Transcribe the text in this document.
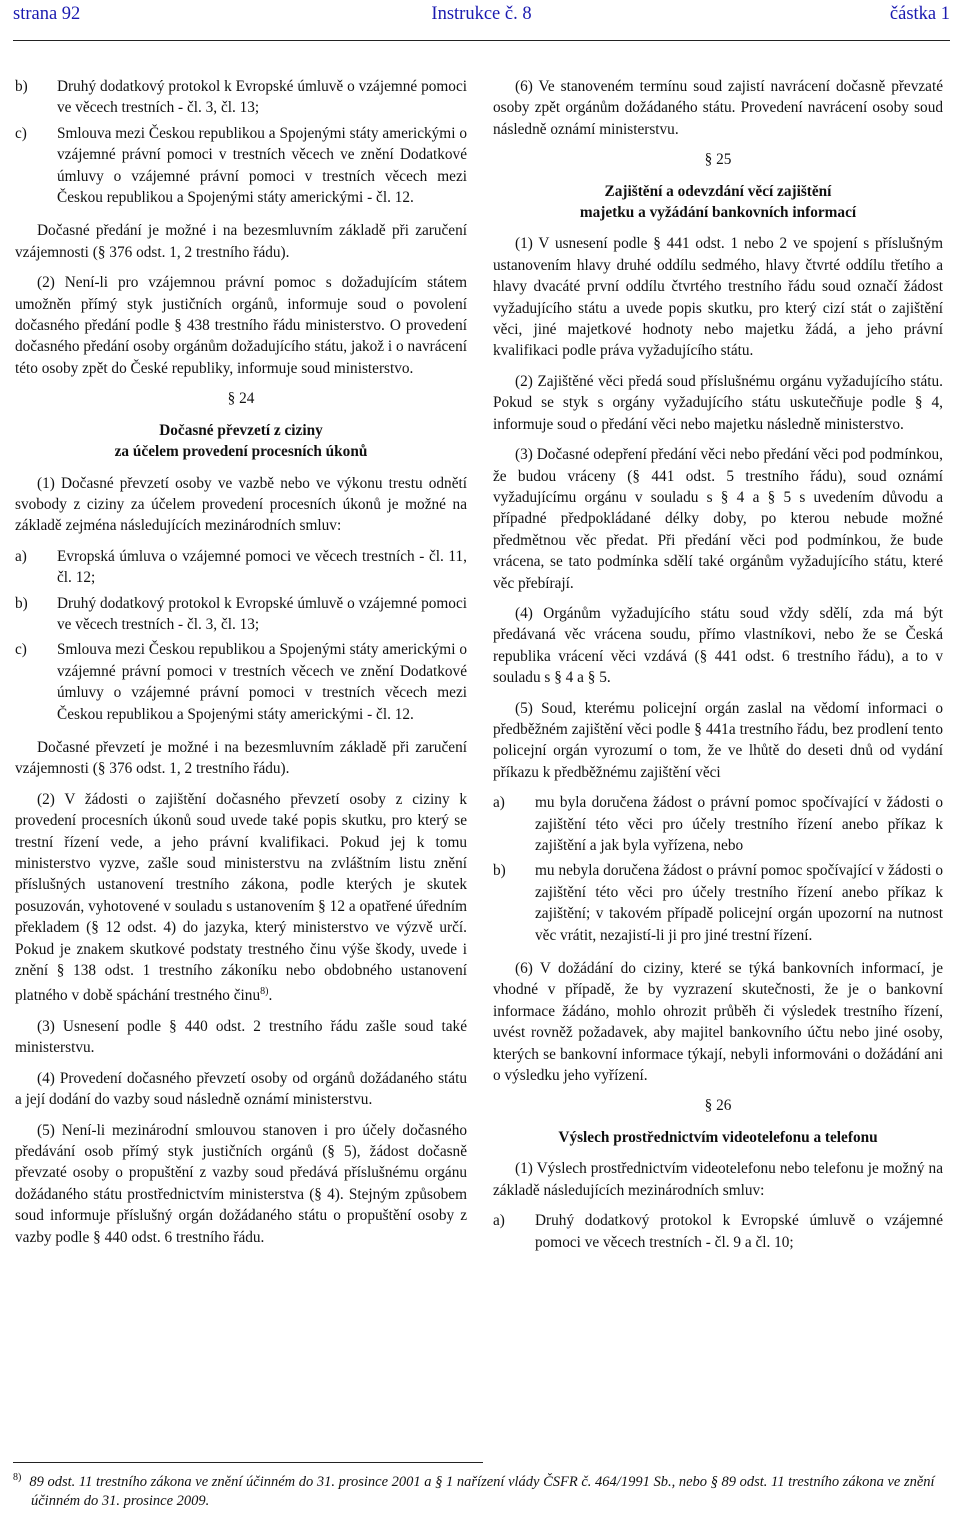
strana 92	Instrukce č. 8	částka 1
b) Druhý dodatkový protokol k Evropské úmluvě o vzájemné pomoci ve věcech trestních - čl. 3, čl. 13;
c) Smlouva mezi Českou republikou a Spojenými státy americkými o vzájemné právní pomoci v trestních věcech ve znění Dodatkové úmluvy o vzájemné právní pomoci v trestních věcech mezi Českou republikou a Spojenými státy americkými - čl. 12.

Dočasné předání je možné i na bezesmluvním základě při zaručení vzájemnosti (§ 376 odst. 1, 2 trestního řádu).

(2) Není-li pro vzájemnou právní pomoc s dožadujícím státem umožněn přímý styk justičních orgánů, informuje soud o povolení dočasného předání podle § 438 trestního řádu ministerstvo. O provedení dočasného předání osoby orgánům dožadujícího státu, jakož i o navrácení této osoby zpět do České republiky, informuje soud ministerstvo.

§ 24
Dočasné převzetí z ciziny
za účelem provedení procesních úkonů

(1) Dočasné převzetí osoby ve vazbě nebo ve výkonu trestu odnětí svobody z ciziny za účelem provedení procesních úkonů je možné na základě zejména následujících mezinárodních smluv:

a) Evropská úmluva o vzájemné pomoci ve věcech trestních - čl. 11, čl. 12;
b) Druhý dodatkový protokol k Evropské úmluvě o vzájemné pomoci ve věcech trestních - čl. 3, čl. 13;
c) Smlouva mezi Českou republikou a Spojenými státy americkými o vzájemné právní pomoci v trestních věcech ve znění Dodatkové úmluvy o vzájemné právní pomoci v trestních věcech mezi Českou republikou a Spojenými státy americkými - čl. 12.

Dočasné převzetí je možné i na bezesmluvním základě při zaručení vzájemnosti (§ 376 odst. 1, 2 trestního řádu).

(2) V žádosti o zajištění dočasného převzetí osoby z ciziny k provedení procesních úkonů soud uvede také popis skutku, pro který se trestní řízení vede, a jeho právní kvalifikaci. Pokud jej k tomu ministerstvo vyzve, zašle soud ministerstvu na zvláštním listu znění příslušných ustanovení trestního zákona, podle kterých je skutek posuzován, vyhotovené v souladu s ustanovením § 12 a opatřené úředním překladem (§ 12 odst. 4) do jazyka, který ministerstvo ve výzvě určí. Pokud je znakem skutkové podstaty trestného činu výše škody, uvede i znění § 138 odst. 1 trestního zákoníku nebo obdobného ustanovení platného v době spáchání trestného činu$^{8)}$.

(3) Usnesení podle § 440 odst. 2 trestního řádu zašle soud také ministerstvu.

(4) Provedení dočasného převzetí osoby od orgánů dožádaného státu a její dodání do vazby soud následně oznámí ministerstvu.

(5) Není-li mezinárodní smlouvou stanoven i pro účely dočasného předávání osob přímý styk justičních orgánů (§ 5), žádost dočasně převzaté osoby o propuštění z vazby soud předává příslušnému orgánu dožádaného státu prostřednictvím ministerstva (§ 4). Stejným způsobem soud informuje příslušný orgán dožádaného státu o propuštění osoby z vazby podle § 440 odst. 6 trestního řádu.

(6) Ve stanoveném termínu soud zajistí navrácení dočasně převzaté osoby zpět orgánům dožádaného státu. Provedení navrácení osoby soud následně oznámí ministerstvu.

§ 25
Zajištění a odevzdání věcí zajištění
majetku a vyžádání bankovních informací

(1) V usnesení podle § 441 odst. 1 nebo 2 ve spojení s příslušným ustanovením hlavy druhé oddílu sedmého, hlavy čtvrté oddílu třetího a hlavy dvacáté první oddílu čtvrtého trestního řádu soud označí žádost vyžadujícího státu a uvede popis skutku, pro který cizí stát o zajištění věci, jiné majetkové hodnoty nebo majetku žádá, a jeho právní kvalifikaci podle práva vyžadujícího státu.

(2) Zajištěné věci předá soud příslušnému orgánu vyžadujícího státu. Pokud se styk s orgány vyžadujícího státu uskutečňuje podle § 4, informuje soud o předání věci nebo majetku následně ministerstvo.

(3) Dočasné odepření předání věci nebo předání věci pod podmínkou, že budou vráceny (§ 441 odst. 5 trestního řádu), soud oznámí vyžadujícímu orgánu v souladu s § 4 a § 5 s uvedením důvodu a případné předpokládané délky doby, po kterou nebude možné předmětnou věc předat. Při předání věci pod podmínkou, že bude vrácena, se tato podmínka sdělí také orgánům vyžadujícího státu, které věc přebírají.

(4) Orgánům vyžadujícího státu soud vždy sdělí, zda má být předávaná věc vrácena soudu, přímo vlastníkovi, nebo že se Česká republika vrácení věci vzdává (§ 441 odst. 6 trestního řádu), a to v souladu s § 4 a § 5.

(5) Soud, kterému policejní orgán zaslal na vědomí informaci o předběžném zajištění věci podle § 441a trestního řádu, bez prodlení tento policejní orgán vyrozumí o tom, že ve lhůtě do deseti dnů od vydání příkazu k předběžnému zajištění věci

a) mu byla doručena žádost o právní pomoc spočívající v žádosti o zajištění této věci pro účely trestního řízení anebo příkaz k zajištění a jak byla vyřízena, nebo
b) mu nebyla doručena žádost o právní pomoc spočívající v žádosti o zajištění této věci pro účely trestního řízení anebo příkaz k zajištění; v takovém případě policejní orgán upozorní na nutnost věc vrátit, nezajistí-li ji pro jiné trestní řízení.

(6) V dožádání do ciziny, které se týká bankovních informací, je vhodné v případě, že by vyzrazení skutečnosti, že je o bankovní informace žádáno, mohlo ohrozit průběh či výsledek trestního řízení, uvést rovněž požadavek, aby majitel bankovního účtu nebo jiné osoby, kterých se bankovní informace týkají, nebyli informováni o dožádání ani o výsledku jeho vyřízení.

§ 26
Výslech prostřednictvím videotelefonu a telefonu

(1) Výslech prostřednictvím videotelefonu nebo telefonu je možný na základě následujících mezinárodních smluv:

a) Druhý dodatkový protokol k Evropské úmluvě o vzájemné pomoci ve věcech trestních - čl. 9 a čl. 10;
$^{8)}$ 89 odst. 11 trestního zákona ve znění účinném do 31. prosince 2001 a § 1 nařízení vlády ČSFR č. 464/1991 Sb., nebo § 89 odst. 11 trestního zákona ve znění účinném do 31. prosince 2009.
